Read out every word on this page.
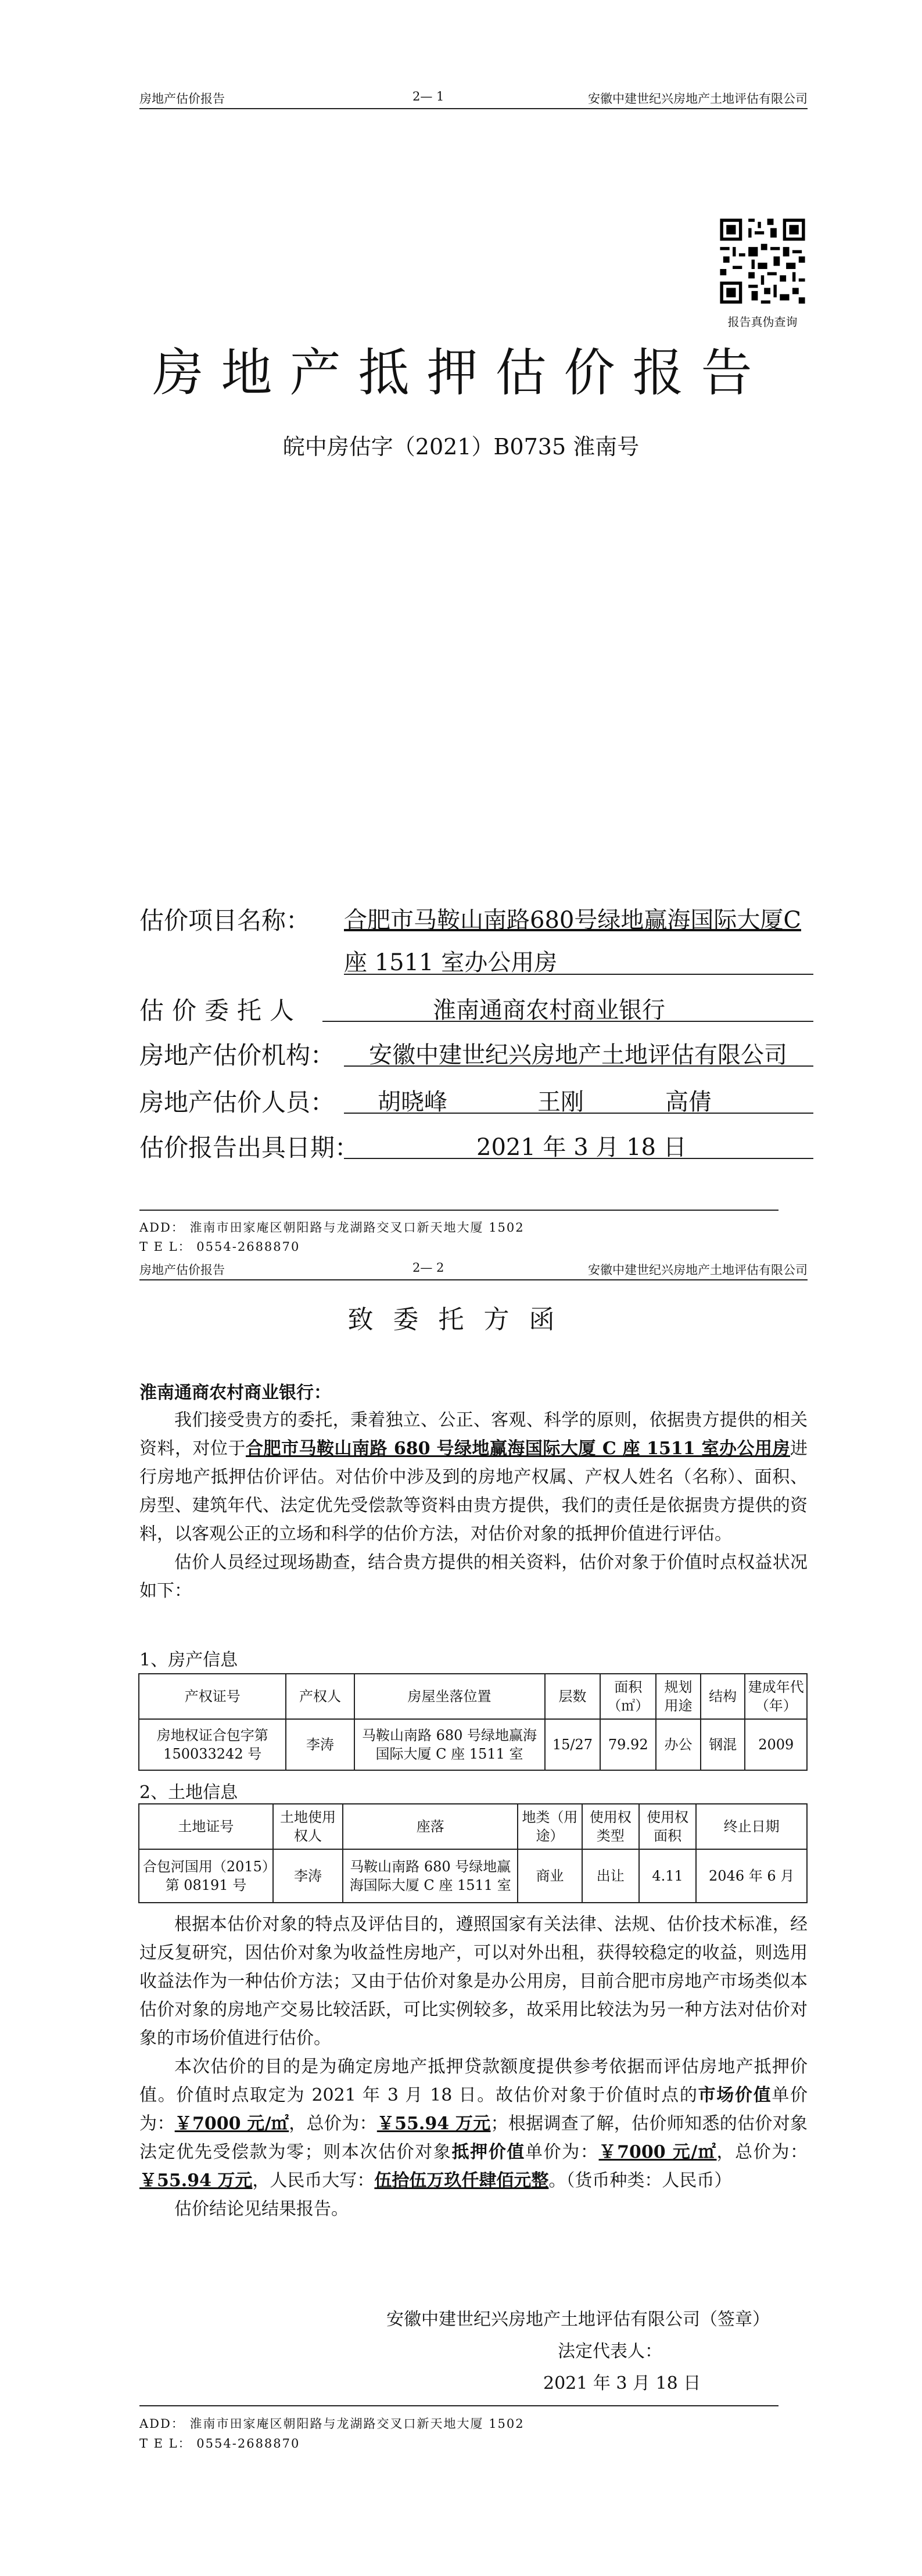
房地产估价报告	2— 1	安徽中建世纪兴房地产土地评估有限公司
报告真伪查询
房地产抵押估价报告
皖中房估字（2021）B0735 淮南号
估价项目名称： 合肥市马鞍山南路680号绿地赢海国际大厦C
座 1511 室办公用房
估价委托人	淮南通商农村商业银行
房地产估价机构： 安徽中建世纪兴房地产土地评估有限公司
房地产估价人员： 胡晓峰	王刚	高倩
估价报告出具日期：	2021 年 3 月 18 日
ADD： 淮南市田家庵区朝阳路与龙湖路交叉口新天地大厦 1502
T E L： 0554-2688870
房地产估价报告	2— 2	安徽中建世纪兴房地产土地评估有限公司
致委托方函
淮南通商农村商业银行：

我们接受贵方的委托，秉着独立、公正、客观、科学的原则，依据贵方提供的相关资料，对位于合肥市马鞍山南路 680 号绿地赢海国际大厦 C 座 1511 室办公用房进行房地产抵押估价评估。对估价中涉及到的房地产权属、产权人姓名（名称）、面积、房型、建筑年代、法定优先受偿款等资料由贵方提供，我们的责任是依据贵方提供的资料，以客观公正的立场和科学的估价方法，对估价对象的抵押价值进行评估。

估价人员经过现场勘查，结合贵方提供的相关资料，估价对象于价值时点权益状况如下：

1、房产信息
产权证号	产权人	房屋坐落位置	层数	面积（㎡）	规划用途	结构	建成年代（年）
房地权证合包字第150033242 号	李涛	马鞍山南路 680 号绿地赢海国际大厦 C 座 1511 室	15/27	79.92	办公	钢混	2009
2、土地信息
土地证号	土地使用权人	座落	地类（用途）	使用权类型	使用权面积	终止日期
合包河国用（2015）第 08191 号	李涛	马鞍山南路 680 号绿地赢海国际大厦 C 座 1511 室	商业	出让	4.11	2046 年 6 月

根据本估价对象的特点及评估目的，遵照国家有关法律、法规、估价技术标准，经过反复研究，因估价对象为收益性房地产，可以对外出租，获得较稳定的收益，则选用收益法作为一种估价方法；又由于估价对象是办公用房，目前合肥市房地产市场类似本估价对象的房地产交易比较活跃，可比实例较多，故采用比较法为另一种方法对估价对象的市场价值进行估价。

本次估价的目的是为确定房地产抵押贷款额度提供参考依据而评估房地产抵押价值。价值时点取定为 2021 年 3 月 18 日。故估价对象于价值时点的市场价值单价为：￥7000 元/㎡，总价为：￥55.94 万元；根据调查了解，估价师知悉的估价对象法定优先受偿款为零；则本次估价对象抵押价值单价为：￥7000 元/㎡，总价为：￥55.94 万元，人民币大写：伍拾伍万玖仟肆佰元整。（货币种类：人民币）

估价结论见结果报告。

安徽中建世纪兴房地产土地评估有限公司（签章）
法定代表人：
2021 年 3 月 18 日
ADD： 淮南市田家庵区朝阳路与龙湖路交叉口新天地大厦 1502
T E L： 0554-2688870
